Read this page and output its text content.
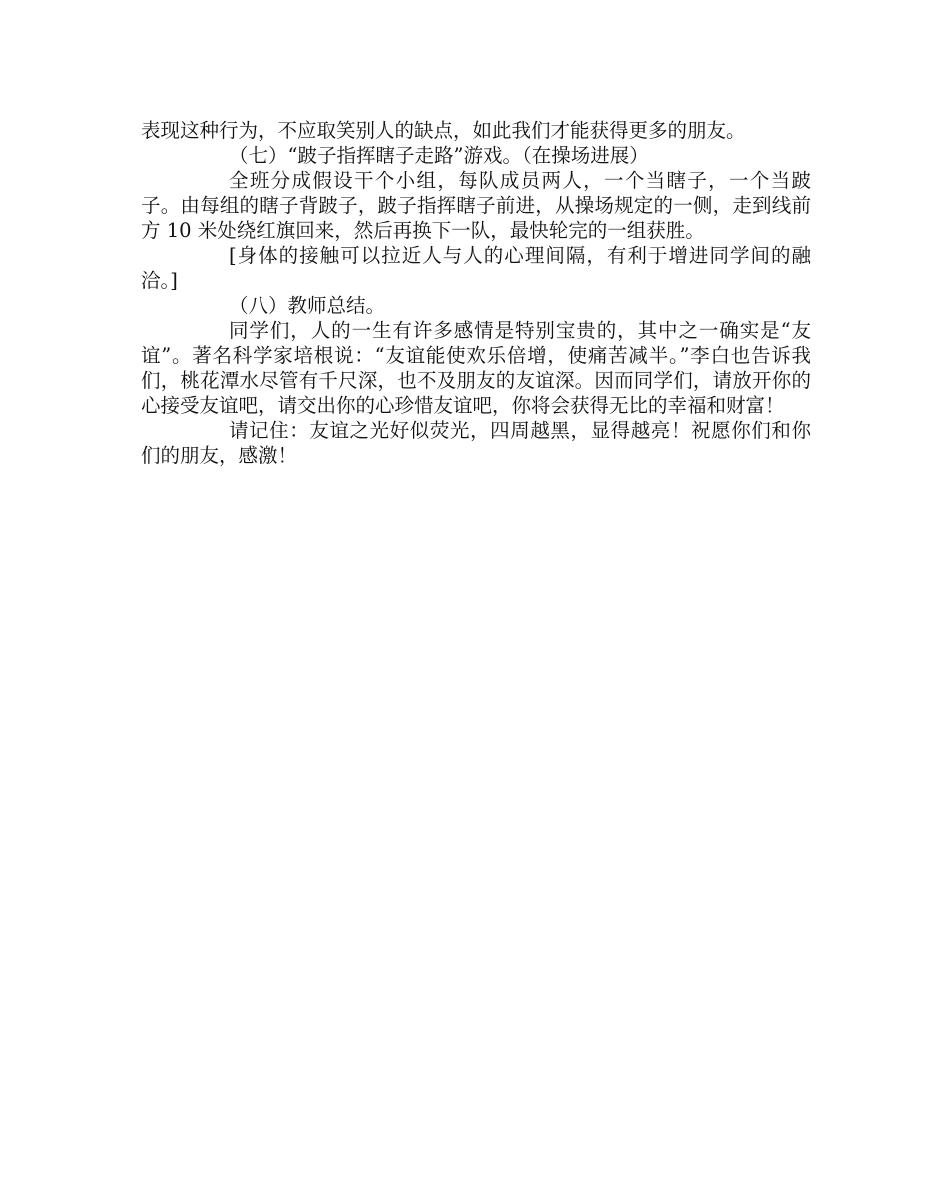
表现这种行为，不应取笑别人的缺点，如此我们才能获得更多的朋友。

（七）“跛子指挥瞎子走路”游戏。（在操场进展）

全班分成假设干个小组，每队成员两人，一个当瞎子，一个当跛子。由每组的瞎子背跛子，跛子指挥瞎子前进，从操场规定的一侧，走到线前方 10 米处绕红旗回来，然后再换下一队，最快轮完的一组获胜。

[身体的接触可以拉近人与人的心理间隔，有利于增进同学间的融洽。]

（八）教师总结。

同学们，人的一生有许多感情是特别宝贵的，其中之一确实是“友谊”。著名科学家培根说：“友谊能使欢乐倍增，使痛苦减半。”李白也告诉我们，桃花潭水尽管有千尺深，也不及朋友的友谊深。因而同学们，请放开你的心接受友谊吧，请交出你的心珍惜友谊吧，你将会获得无比的幸福和财富！

请记住：友谊之光好似荧光，四周越黑，显得越亮！祝愿你们和你们的朋友，感激！
